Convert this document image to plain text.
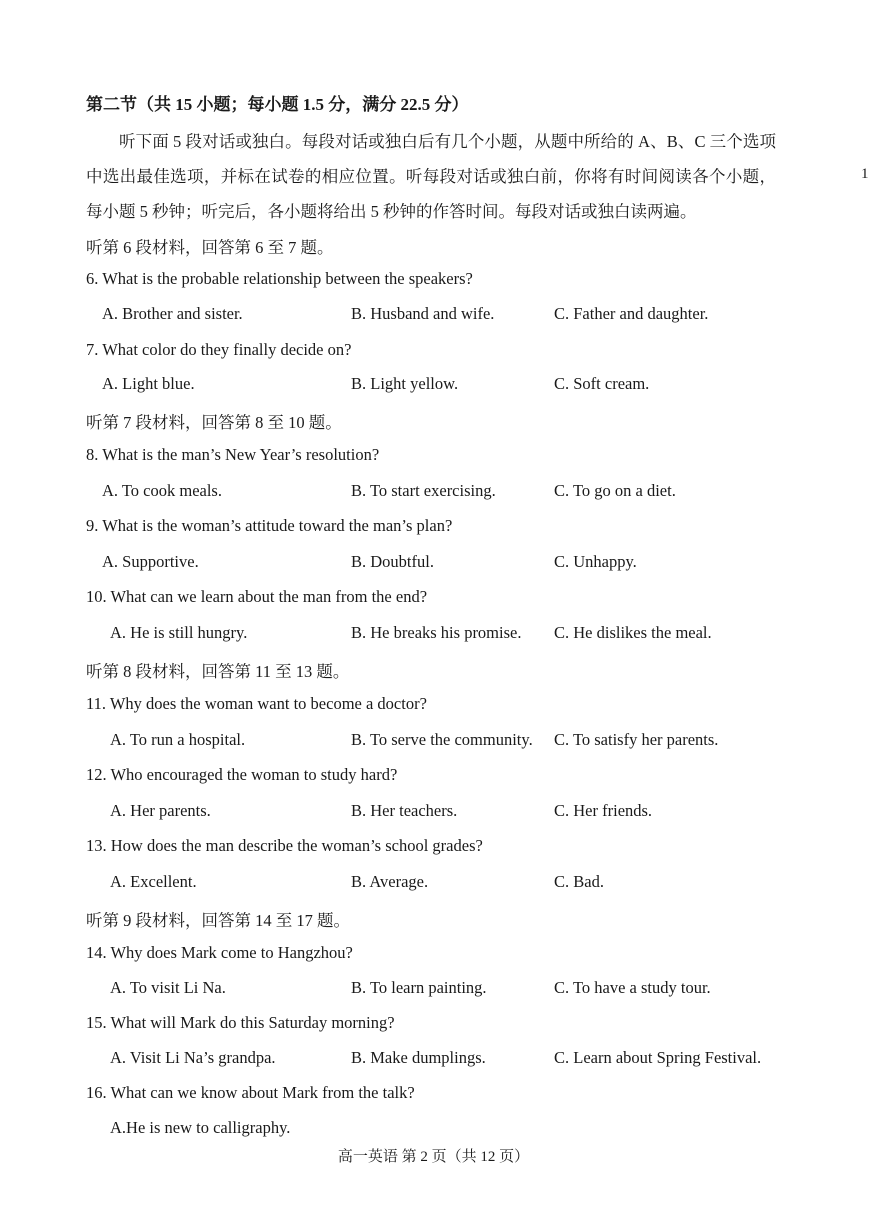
第二节（共 15 小题；每小题 1.5 分，满分 22.5 分）
听下面 5 段对话或独白。每段对话或独白后有几个小题，从题中所给的 A、B、C 三个选项中选出最佳选项，并标在试卷的相应位置。听每段对话或独白前，你将有时间阅读各个小题，每小题 5 秒钟；听完后，各小题将给出 5 秒钟的作答时间。每段对话或独白读两遍。
1
听第 6 段材料，回答第 6 至 7 题。
6. What is the probable relationship between the speakers?
A. Brother and sister.	B. Husband and wife.	C. Father and daughter.
7. What color do they finally decide on?
A. Light blue.	B. Light yellow.	C. Soft cream.
听第 7 段材料，回答第 8 至 10 题。
8. What is the man’s New Year’s resolution?
A. To cook meals.	B. To start exercising.	C. To go on a diet.
9. What is the woman’s attitude toward the man’s plan?
A. Supportive.	B. Doubtful.	C. Unhappy.
10. What can we learn about the man from the end?
A. He is still hungry.	B. He breaks his promise. C. He dislikes the meal.
听第 8 段材料，回答第 11 至 13 题。
11. Why does the woman want to become a doctor?
A. To run a hospital.	B. To serve the community. C. To satisfy her parents.
12. Who encouraged the woman to study hard?
A. Her parents.	B. Her teachers.	C. Her friends.
13. How does the man describe the woman’s school grades?
A. Excellent.	B. Average.	C. Bad.
听第 9 段材料，回答第 14 至 17 题。
14. Why does Mark come to Hangzhou?
A. To visit Li Na.	B. To learn painting.	C. To have a study tour.
15. What will Mark do this Saturday morning?
A. Visit Li Na’s grandpa.	B. Make dumplings.	C. Learn about Spring Festival.
16. What can we know about Mark from the talk?
A.He is new to calligraphy.
高一英语 第 2 页（共 12 页）
